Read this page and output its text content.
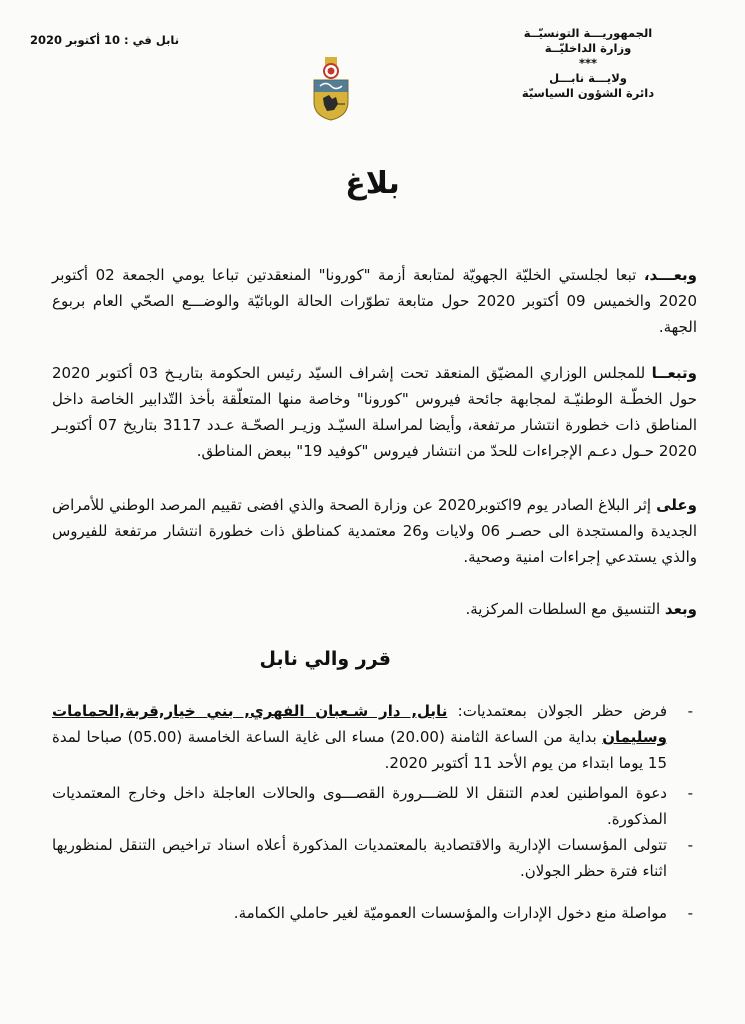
الجمهوريـــة التونسيّــة
وزارة الداخليّــة
***
ولايـــة نابـــل
دائرة الشؤون السياسيّة
نابل في : 10 أكتوبر 2020
بلاغ
وبعـــد، تبعا لجلستي الخليّة الجهويّة لمتابعة أزمة "كورونا" المنعقدتين تباعا يومي الجمعة 02 أكتوبر 2020 والخميس 09 أكتوبر 2020 حول متابعة تطوّرات الحالة الوبائيّة والوضـــع الصحّي العام بربوع الجهة.
وتبعــا للمجلس الوزاري المضيّق المنعقد تحت إشراف السيّد رئيس الحكومة بتاريـخ 03 أكتوبر 2020 حول الخطّـة الوطنيّـة لمجابهة جائحة فيروس "كورونا" وخاصة منها المتعلّقة بأخذ التّدابير الخاصة داخل المناطق ذات خطورة انتشار مرتفعة، وأيضا لمراسلة السيّـد وزيـر الصحّـة عـدد 3117 بتاريخ 07 أكتوبـر 2020 حـول دعـم الإجراءات للحدّ من انتشار فيروس "كوفيد 19" ببعض المناطق.
وعلى إثر البلاغ الصادر يوم 9اكتوبر2020 عن وزارة الصحة والذي افضى تقييم المرصد الوطني للأمراض الجديدة والمستجدة الى حصـر 06 ولايات و26 معتمدية كمناطق ذات خطورة انتشار مرتفعة للفيروس والذي يستدعي إجراءات امنية وصحية.
وبعد التنسيق مع السلطات المركزية.
قرر والي نابل
-
فرض حظر الجولان بمعتمديات: نابل, دار شـعبان الفهري, بني خيار,قربة,الحمامات وسليمان بداية من الساعة الثامنة (20.00) مساء الى غاية الساعة الخامسة (05.00) صباحا لمدة 15 يوما ابتداء من يوم الأحد 11 أكتوبر 2020.
-
دعوة المواطنين لعدم التنقل الا للضـــرورة القصـــوى والحالات العاجلة داخل وخارج المعتمديات المذكورة.
-
تتولى المؤسسات الإدارية والاقتصادية بالمعتمديات المذكورة أعلاه اسناد تراخيص التنقل لمنظوريها اثناء فترة حظر الجولان.
-
مواصلة منع دخول الإدارات والمؤسسات العموميّة لغير حاملي الكمامة.
